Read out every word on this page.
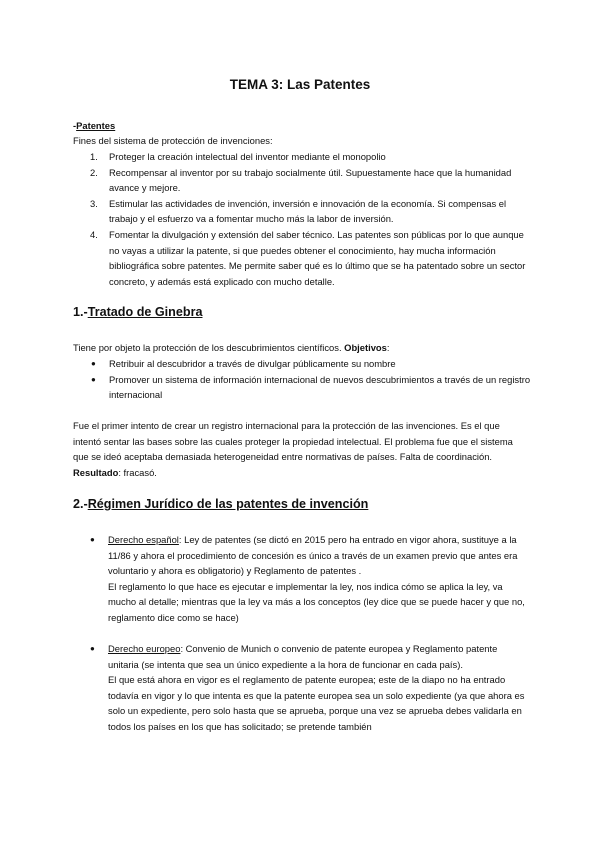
TEMA 3: Las Patentes
-Patentes
Fines del sistema de protección de invenciones:
1. Proteger la creación intelectual del inventor mediante el monopolio
2. Recompensar al inventor por su trabajo socialmente útil. Supuestamente hace que la humanidad avance y mejore.
3. Estimular las actividades de invención, inversión e innovación de la economía. Si compensas el trabajo y el esfuerzo va a fomentar mucho más la labor de inversión.
4. Fomentar la divulgación y extensión del saber técnico. Las patentes son públicas por lo que aunque no vayas a utilizar la patente, si que puedes obtener el conocimiento, hay mucha información bibliográfica sobre patentes. Me permite saber qué es lo último que se ha patentado sobre un sector concreto, y además está explicado con mucho detalle.
1.-Tratado de Ginebra
Tiene por objeto la protección de los descubrimientos científicos. Objetivos:
● Retribuir al descubridor a través de divulgar públicamente su nombre
● Promover un sistema de información internacional de nuevos descubrimientos a través de un registro internacional
Fue el primer intento de crear un registro internacional para la protección de las invenciones. Es el que intentó sentar las bases sobre las cuales proteger la propiedad intelectual. El problema fue que el sistema que se ideó aceptaba demasiada heterogeneidad entre normativas de países. Falta de coordinación. Resultado: fracasó.
2.-Régimen Jurídico de las patentes de invención
●	Derecho español: Ley de patentes (se dictó en 2015 pero ha entrado en vigor ahora, sustituye a la 11/86 y ahora el procedimiento de concesión es único a través de un examen previo que antes era voluntario y ahora es obligatorio) y Reglamento de patentes .
El reglamento lo que hace es ejecutar e implementar la ley, nos indica cómo se aplica la ley, va mucho al detalle; mientras que la ley va más a los conceptos (ley dice que se puede hacer y que no, reglamento dice como se hace)
●	Derecho europeo: Convenio de Munich o convenio de patente europea y Reglamento patente unitaria (se intenta que sea un único expediente a la hora de funcionar en cada país).
El que está ahora en vigor es el reglamento de patente europea; este de la diapo no ha entrado todavía en vigor y lo que intenta es que la patente europea sea un solo expediente (ya que ahora es solo un expediente, pero solo hasta que se aprueba, porque una vez se aprueba debes validarla en todos los países en los que has solicitado; se pretende también
